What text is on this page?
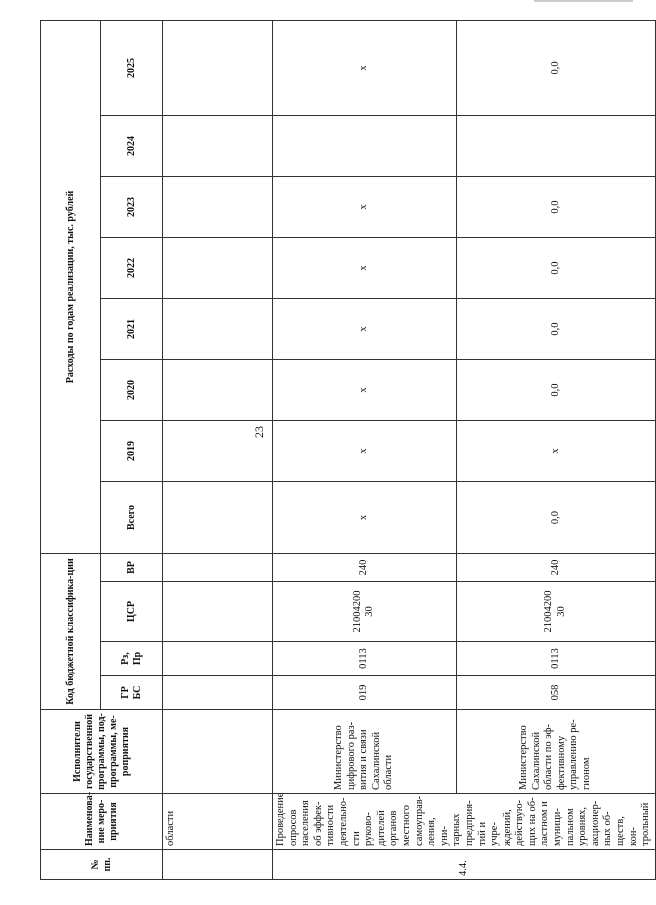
23
№ пп.	Наименова-ние меро-приятия	Исполнители государственной программы, под-программы, ме-роприятия	Код бюджетной классифика-ции				Расходы по годам реализации, тыс. рублей							
			ГР БС	Рз, Пр	ЦСР	ВР	Всего	2019	2020	2021	2022	2023	2024	2025
	области													
4.4.	Проведение опросов населения об эффек-тивности деятельно-сти руково-дителей органов местного самоуправ-ления, уни-тарных предприя-тий и учре-ждений, действую-щих на об-ластном и муници-пальном уровнях, акционер-ных об-ществ, кон-трольный	Министерство цифрового раз-вития и связи Сахалинской области	019	0113	21004200 30	240	x	x	x	x	x	x		x
		Министерство Сахалинской области по эф-фективному управлению ре-гионом	058	0113	21004200 30	240	0,0	x	0,0	0,0	0,0	0,0		0,0
